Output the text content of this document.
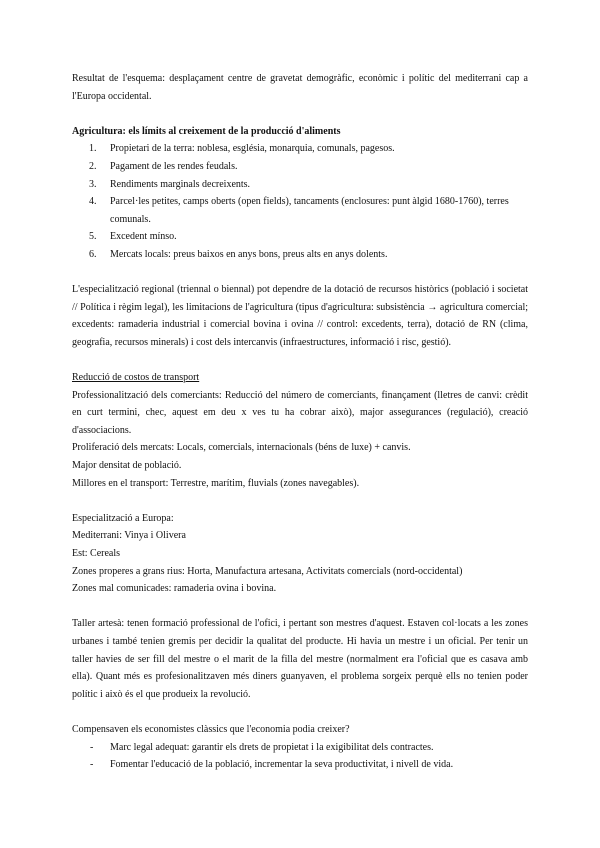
Resultat de l'esquema: desplaçament centre de gravetat demogràfic, econòmic i polític del mediterrani cap a l'Europa occidental.

Agricultura: els límits al creixement de la producció d'aliments

1. Propietari de la terra: noblesa, església, monarquia, comunals, pagesos.
2. Pagament de les rendes feudals.
3. Rendiments marginals decreixents.
4. Parcel·les petites, camps oberts (open fields), tancaments (enclosures: punt àlgid 1680-1760), terres comunals.
5. Excedent mínso.
6. Mercats locals: preus baixos en anys bons, preus alts en anys dolents.

L'especialització regional (triennal o biennal) pot dependre de la dotació de recursos històrics (població i societat // Política i règim legal), les limitacions de l'agricultura (tipus d'agricultura: subsistència → agricultura comercial; excedents: ramaderia industrial i comercial bovina i ovina // control: excedents, terra), dotació de RN (clima, geografia, recursos minerals) i cost dels intercanvis (infraestructures, informació i risc, gestió).

Reducció de costos de transport

Professionalització dels comerciants: Reducció del número de comerciants, finançament (lletres de canvi: crèdit en curt termini, chec, aquest em deu x ves tu ha cobrar això), major assegurances (regulació), creació d'associacions.

Proliferació dels mercats: Locals, comercials, internacionals (béns de luxe) + canvis.

Major densitat de població.

Millores en el transport: Terrestre, marítim, fluvials (zones navegables).

Especialització a Europa:

Mediterrani: Vinya i Olivera

Est: Cereals

Zones properes a grans rius: Horta, Manufactura artesana, Activitats comercials (nord-occidental)

Zones mal comunicades: ramaderia ovina i bovina.

Taller artesà: tenen formació professional de l'ofici, i pertant son mestres d'aquest. Estaven col·locats a les zones urbanes i també tenien gremis per decidir la qualitat del producte. Hi havia un mestre i un oficial. Per tenir un taller havies de ser fill del mestre o el marit de la filla del mestre (normalment era l'oficial que es casava amb ella). Quant més es profesionalitzaven més diners guanyaven, el problema sorgeix perquè ells no tenien poder polític i això és el que produeix la revolució.

Compensaven els economistes clàssics que l'economia podia creixer?

- Marc legal adequat: garantir els drets de propietat i la exigibilitat dels contractes.
- Fomentar l'educació de la població, incrementar la seva productivitat, i nivell de vida.
